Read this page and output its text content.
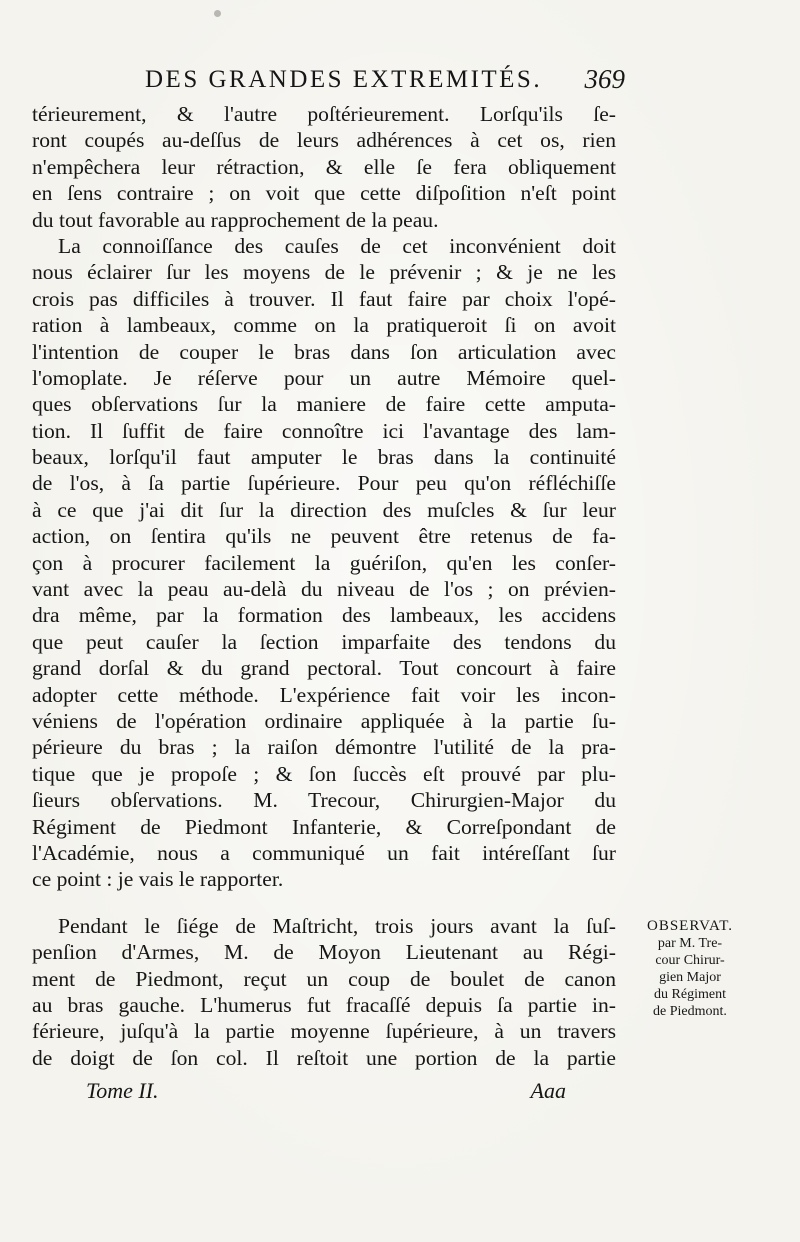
DES GRANDES EXTREMITÉS. 369
térieurement, & l'autre poſtérieurement. Lorſqu'ils ſe-
ront coupés au-deſſus de leurs adhérences à cet os, rien
n'empêchera leur rétraction, & elle ſe fera obliquement
en ſens contraire ; on voit que cette diſpoſition n'eſt point
du tout favorable au rapprochement de la peau.
La connoiſſance des cauſes de cet inconvénient doit
nous éclairer ſur les moyens de le prévenir ; & je ne les
crois pas difficiles à trouver. Il faut faire par choix l'opé-
ration à lambeaux, comme on la pratiqueroit ſi on avoit
l'intention de couper le bras dans ſon articulation avec
l'omoplate. Je réſerve pour un autre Mémoire quel-
ques obſervations ſur la maniere de faire cette amputa-
tion. Il ſuffit de faire connoître ici l'avantage des lam-
beaux, lorſqu'il faut amputer le bras dans la continuité
de l'os, à ſa partie ſupérieure. Pour peu qu'on réfléchiſſe
à ce que j'ai dit ſur la direction des muſcles & ſur leur
action, on ſentira qu'ils ne peuvent être retenus de fa-
çon à procurer facilement la guériſon, qu'en les conſer-
vant avec la peau au-delà du niveau de l'os ; on prévien-
dra même, par la formation des lambeaux, les accidens
que peut cauſer la ſection imparfaite des tendons du
grand dorſal & du grand pectoral. Tout concourt à faire
adopter cette méthode. L'expérience fait voir les incon-
véniens de l'opération ordinaire appliquée à la partie ſu-
périeure du bras ; la raiſon démontre l'utilité de la pra-
tique que je propoſe ; & ſon ſuccès eſt prouvé par plu-
ſieurs obſervations. M. Trecour, Chirurgien-Major du
Régiment de Piedmont Infanterie, & Correſpondant de
l'Académie, nous a communiqué un fait intéreſſant ſur
ce point : je vais le rapporter.
Pendant le ſiége de Maſtricht, trois jours avant la ſuſ-
penſion d'Armes, M. de Moyon Lieutenant au Régi-
ment de Piedmont, reçut un coup de boulet de canon
au bras gauche. L'humerus fut fracaſſé depuis ſa partie in-
férieure, juſqu'à la partie moyenne ſupérieure, à un travers
de doigt de ſon col. Il reſtoit une portion de la partie
OBSERVAT.
par M. Tre-
cour Chirur-
gien Major
du Régiment
de Piedmont.
Tome II.	Aaa
